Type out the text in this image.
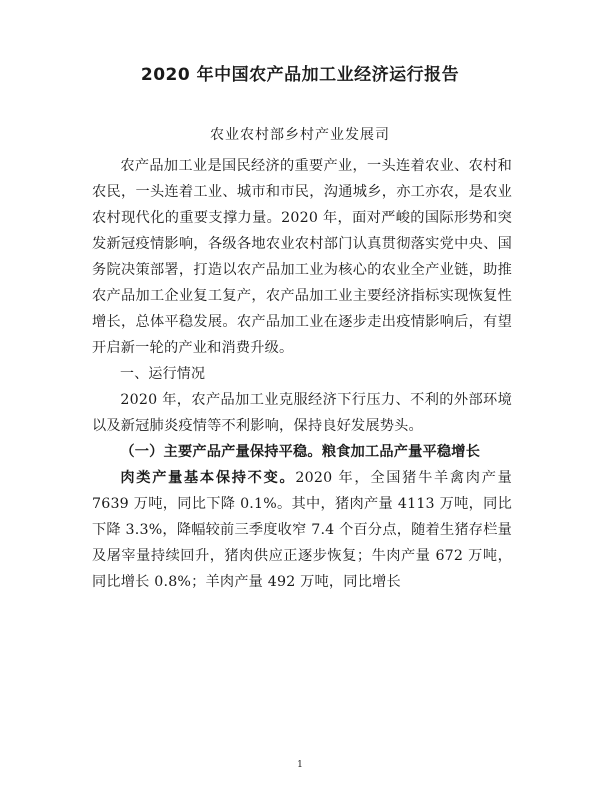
2020 年中国农产品加工业经济运行报告
农业农村部乡村产业发展司

农产品加工业是国民经济的重要产业，一头连着农业、农村和农民，一头连着工业、城市和市民，沟通城乡，亦工亦农，是农业农村现代化的重要支撑力量。2020 年，面对严峻的国际形势和突发新冠疫情影响，各级各地农业农村部门认真贯彻落实党中央、国务院决策部署，打造以农产品加工业为核心的农业全产业链，助推农产品加工企业复工复产，农产品加工业主要经济指标实现恢复性增长，总体平稳发展。农产品加工业在逐步走出疫情影响后，有望开启新一轮的产业和消费升级。

一、运行情况

2020 年，农产品加工业克服经济下行压力、不利的外部环境以及新冠肺炎疫情等不利影响，保持良好发展势头。

（一）主要产品产量保持平稳。粮食加工品产量平稳增长

肉类产量基本保持不变。2020 年，全国猪牛羊禽肉产量 7639 万吨，同比下降 0.1%。其中，猪肉产量 4113 万吨，同比下降 3.3%，降幅较前三季度收窄 7.4 个百分点，随着生猪存栏量及屠宰量持续回升，猪肉供应正逐步恢复；牛肉产量 672 万吨，同比增长 0.8%；羊肉产量 492 万吨，同比增长

1
